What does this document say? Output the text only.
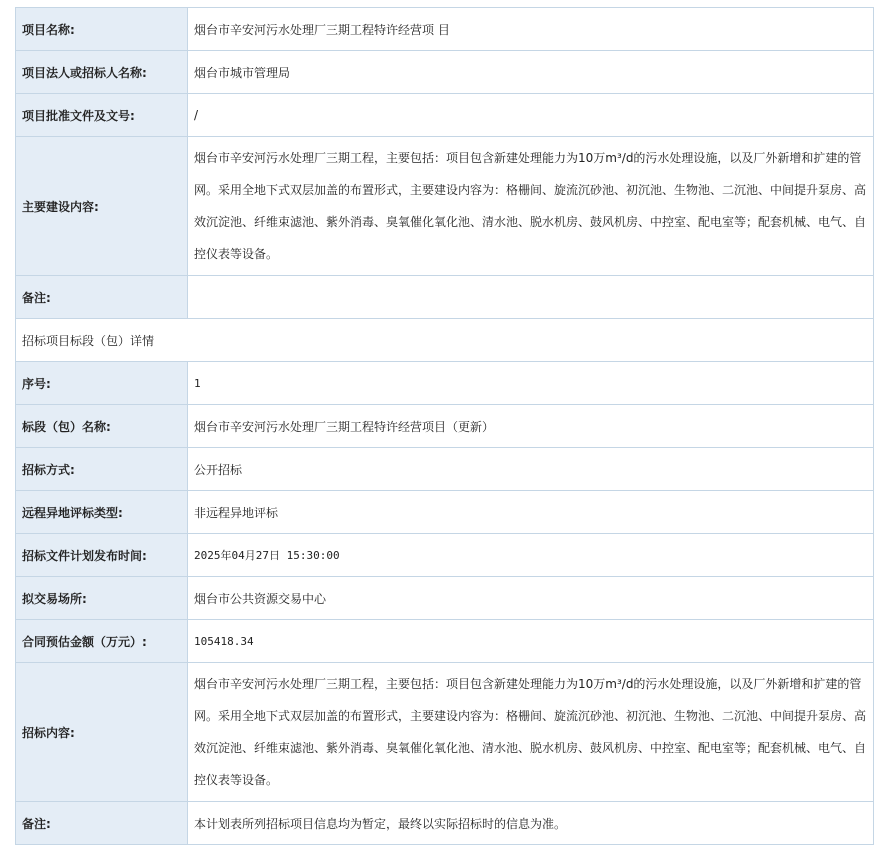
项目名称:	烟台市辛安河污水处理厂三期工程特许经营项 目
项目法人或招标人名称:	烟台市城市管理局
项目批准文件及文号:	/
主要建设内容:	烟台市辛安河污水处理厂三期工程，主要包括：项目包含新建处理能力为10万m³/d的污水处理设施，以及厂外新增和扩建的管网。采用全地下式双层加盖的布置形式，主要建设内容为：格栅间、旋流沉砂池、初沉池、生物池、二沉池、中间提升泵房、高效沉淀池、纤维束滤池、紫外消毒、臭氧催化氧化池、清水池、脱水机房、鼓风机房、中控室、配电室等；配套机械、电气、自控仪表等设备。
备注:	
招标项目标段（包）详情	
序号:	1
标段（包）名称:	烟台市辛安河污水处理厂三期工程特许经营项目（更新）
招标方式:	公开招标
远程异地评标类型:	非远程异地评标
招标文件计划发布时间:	2025年04月27日 15:30:00
拟交易场所:	烟台市公共资源交易中心
合同预估金额（万元）:	105418.34
招标内容:	烟台市辛安河污水处理厂三期工程，主要包括：项目包含新建处理能力为10万m³/d的污水处理设施，以及厂外新增和扩建的管网。采用全地下式双层加盖的布置形式，主要建设内容为：格栅间、旋流沉砂池、初沉池、生物池、二沉池、中间提升泵房、高效沉淀池、纤维束滤池、紫外消毒、臭氧催化氧化池、清水池、脱水机房、鼓风机房、中控室、配电室等；配套机械、电气、自控仪表等设备。
备注:	本计划表所列招标项目信息均为暂定，最终以实际招标时的信息为准。
